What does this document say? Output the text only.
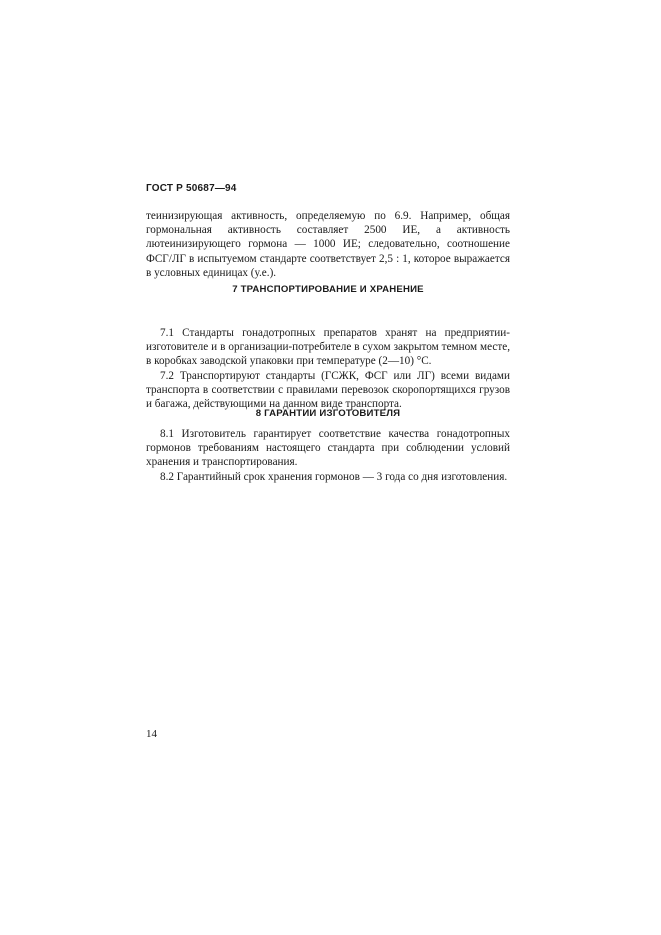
ГОСТ Р 50687—94

теинизирующая активность, определяемую по 6.9. Например, общая гормональная активность составляет 2500 ИЕ, а активность лютеинизирующего гормона — 1000 ИЕ; следовательно, соотношение ФСГ/ЛГ в испытуемом стандарте соответствует 2,5 : 1, которое выражается в условных единицах (у.е.).

7 ТРАНСПОРТИРОВАНИЕ И ХРАНЕНИЕ

7.1 Стандарты гонадотропных препаратов хранят на предприятии-изготовителе и в организации-потребителе в сухом закрытом темном месте, в коробках заводской упаковки при температуре (2—10) °С.

7.2 Транспортируют стандарты (ГСЖК, ФСГ или ЛГ) всеми видами транспорта в соответствии с правилами перевозок скоропортящихся грузов и багажа, действующими на данном виде транспорта.

8 ГАРАНТИИ ИЗГОТОВИТЕЛЯ

8.1 Изготовитель гарантирует соответствие качества гонадотропных гормонов требованиям настоящего стандарта при соблюдении условий хранения и транспортирования.

8.2 Гарантийный срок хранения гормонов — 3 года со дня изготовления.

14
